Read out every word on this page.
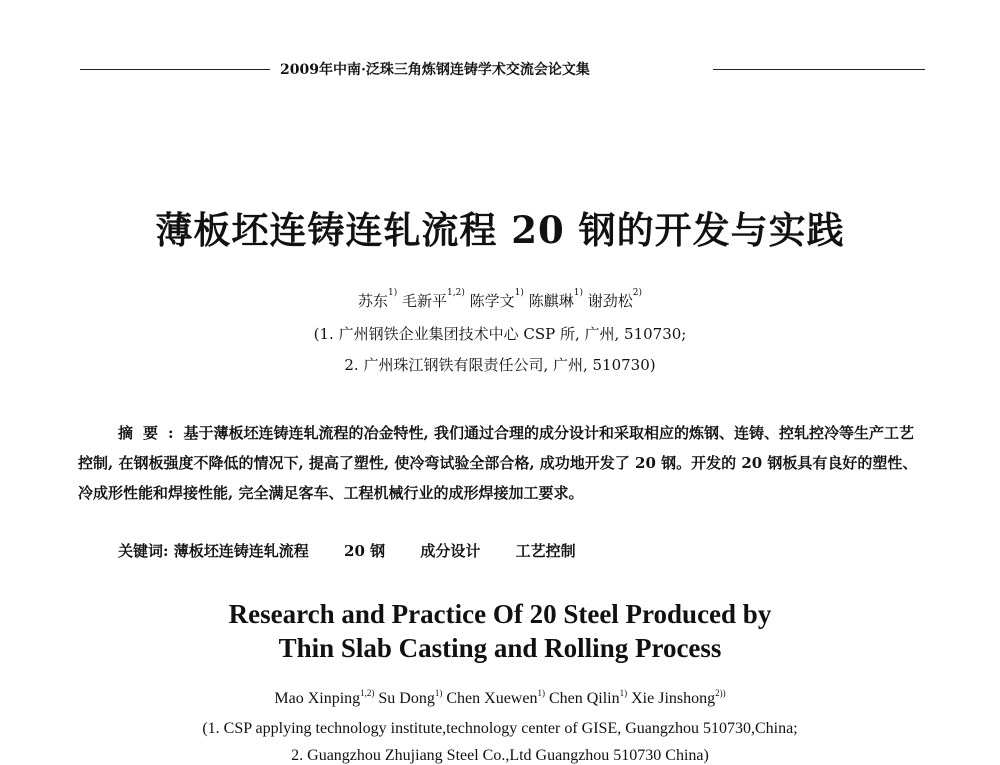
2009年中南·泛珠三角炼钢连铸学术交流会论文集
薄板坯连铸连轧流程 20 钢的开发与实践
苏东$^{1)}$ 毛新平$^{1,2)}$ 陈学文$^{1)}$ 陈麒琳$^{1)}$ 谢劲松$^{2)}$
(1. 广州钢铁企业集团技术中心 CSP 所, 广州, 510730;
2. 广州珠江钢铁有限责任公司, 广州, 510730)
摘要:基于薄板坯连铸连轧流程的冶金特性, 我们通过合理的成分设计和采取相应的炼钢、连铸、控轧控冷等生产工艺控制, 在钢板强度不降低的情况下, 提高了塑性, 使冷弯试验全部合格, 成功地开发了 20 钢。开发的 20 钢板具有良好的塑性、冷成形性能和焊接性能, 完全满足客车、工程机械行业的成形焊接加工要求。
关键词: 薄板坯连铸连轧流程 20 钢 成分设计 工艺控制
Research and Practice Of 20 Steel Produced by
Thin Slab Casting and Rolling Process
Mao Xinping$^{1,2)}$ Su Dong$^{1)}$ Chen Xuewen$^{1)}$ Chen Qilin$^{1)}$ Xie Jinshong$^{2))}$
(1. CSP applying technology institute,technology center of GISE, Guangzhou 510730,China;
2. Guangzhou Zhujiang Steel Co.,Ltd Guangzhou 510730 China)
